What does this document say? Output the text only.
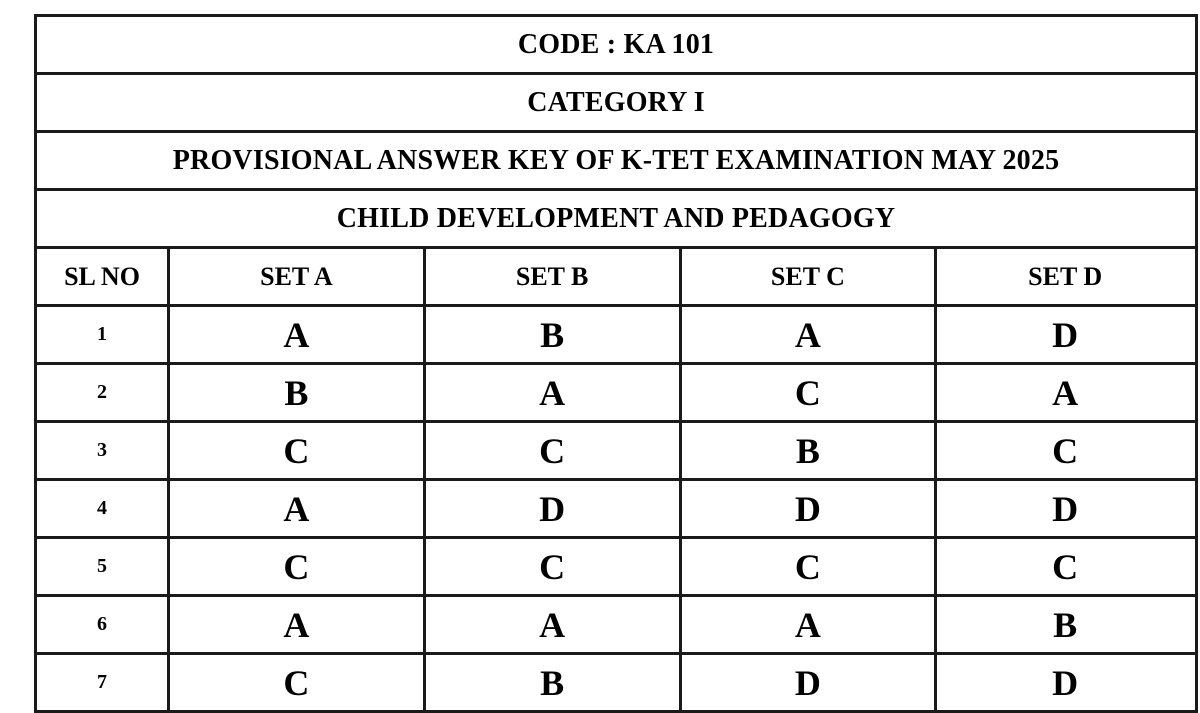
CODE : KA 101
CATEGORY I
PROVISIONAL ANSWER KEY OF K-TET EXAMINATION MAY 2025
CHILD DEVELOPMENT AND PEDAGOGY
SL NO	SET A	SET B	SET C	SET D
1	A	B	A	D
2	B	A	C	A
3	C	C	B	C
4	A	D	D	D
5	C	C	C	C
6	A	A	A	B
7	C	B	D	D
